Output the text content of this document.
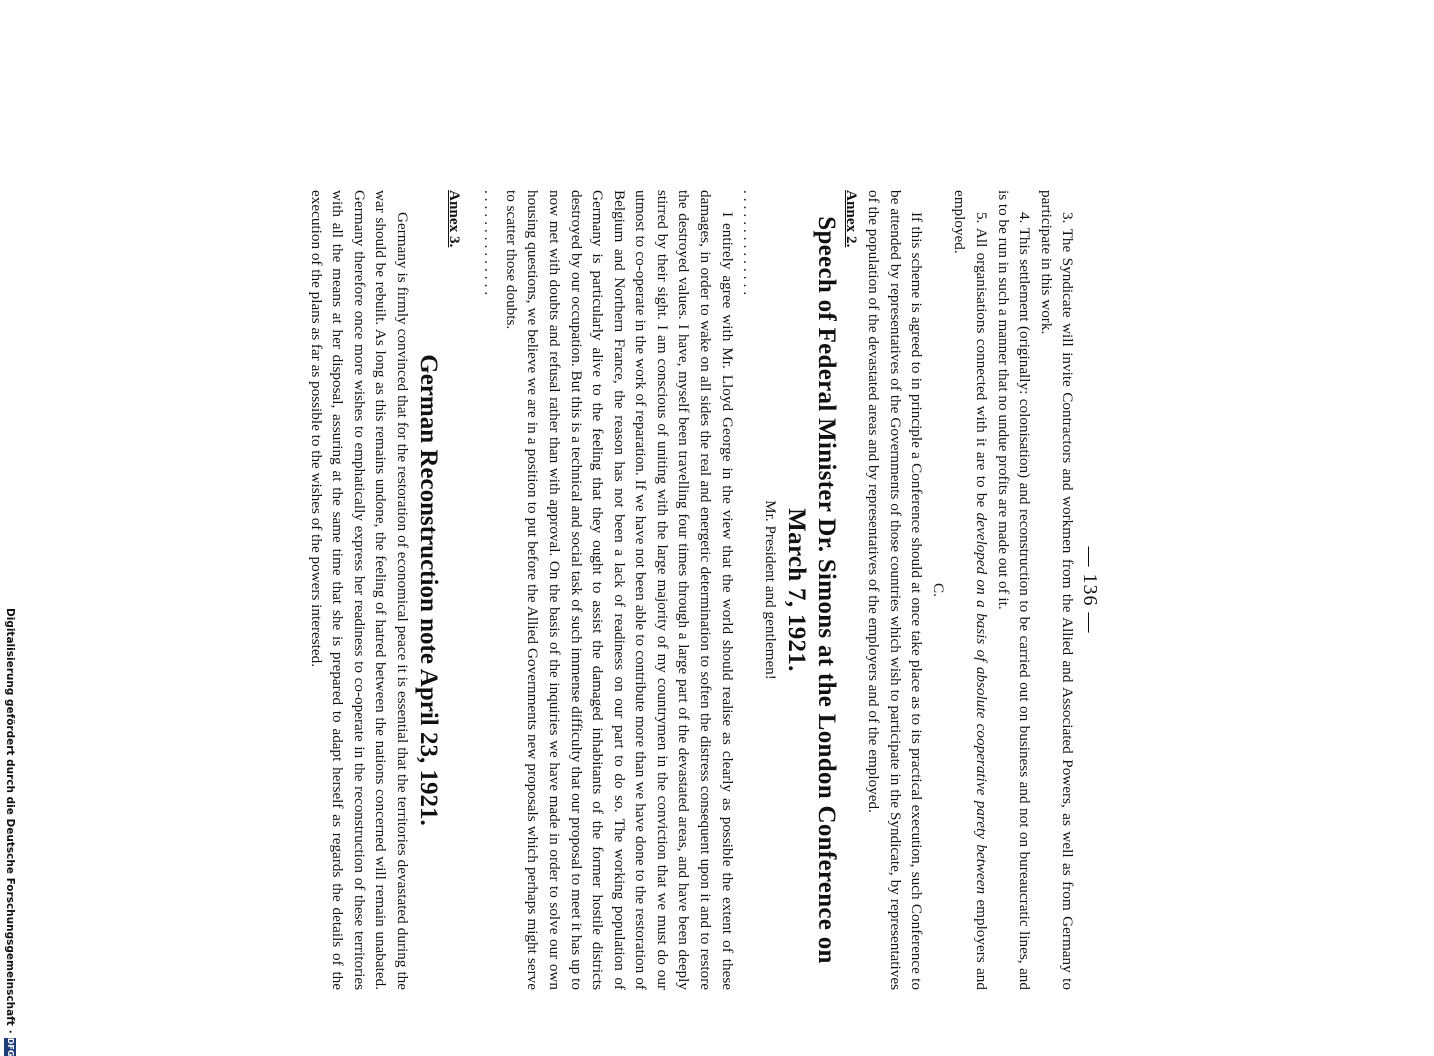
— 136 —

3. The Syndicate will invite Contractors and workmen from the Allied and Associated Powers, as well as from Germany to participate in this work.

4. This settlement (originally: colonisation) and reconstruction to be carried out on business and not on bureaucratic lines, and is to be run in such a manner that no undue profits are made out of it.

5. All organisations connected with it are to be developed on a basis of absolute cooperative parety between employers and employed.

C.

If this scheme is agreed to in principle a Conference should at once take place as to its practical execution, such Conference to be attended by representatives of the Governments of those countries which wish to participate in the Syndicate, by representatives of the population of the devastated areas and by representatives of the employers and of the employed.

Annex 2.

Speech of Federal Minister Dr. Simons at the London Conference on March 7, 1921.

Mr. President and gentlemen!

..............

I entirely agree with Mr. Lloyd George in the view that the world should realise as clearly as possible the extent of these damages, in order to wake on all sides the real and energetic determination to soften the distress consequent upon it and to restore the destroyed values. I have, myself been travelling four times through a large part of the devastated areas, and have been deeply stirred by their sight. I am conscious of uniting with the large majority of my countrymen in the conviction that we must do our utmost to co-operate in the work of reparation. If we have not been able to contribute more than we have done to the restoration of Belgium and Northern France, the reason has not been a lack of readiness on our part to do so. The working population of Germany is particularly alive to the feeling that they ought to assist the damaged inhabitants of the former hostile districts destroyed by our occupation. But this is a technical and social task of such immense difficulty that our proposal to meet it has up to now met with doubts and refusal rather than with approval. On the basis of the inquiries we have made in order to solve our own housing questions, we believe we are in a position to put before the Allied Governments new proposals which perhaps might serve to scatter those doubts.

..............

Annex 3.

German Reconstruction note April 23, 1921.

Germany is firmly convinced that for the restoration of economical peace it is essential that the territories devastated during the war should be rebuilt. As long as this remains undone, the feeling of hatred between the nations concerned will remain unabated. Germany therefore once more wishes to emphatically express her readiness to co-operate in the reconstruction of these territories with all the means at her disposal, assuring at the same time that she is prepared to adapt herself as regards the details of the execution of the plans as far as possible to the wishes of the powers interested.

Digitalisierung gefördert durch die Deutsche Forschungsgemeinschaft
·
DFG
